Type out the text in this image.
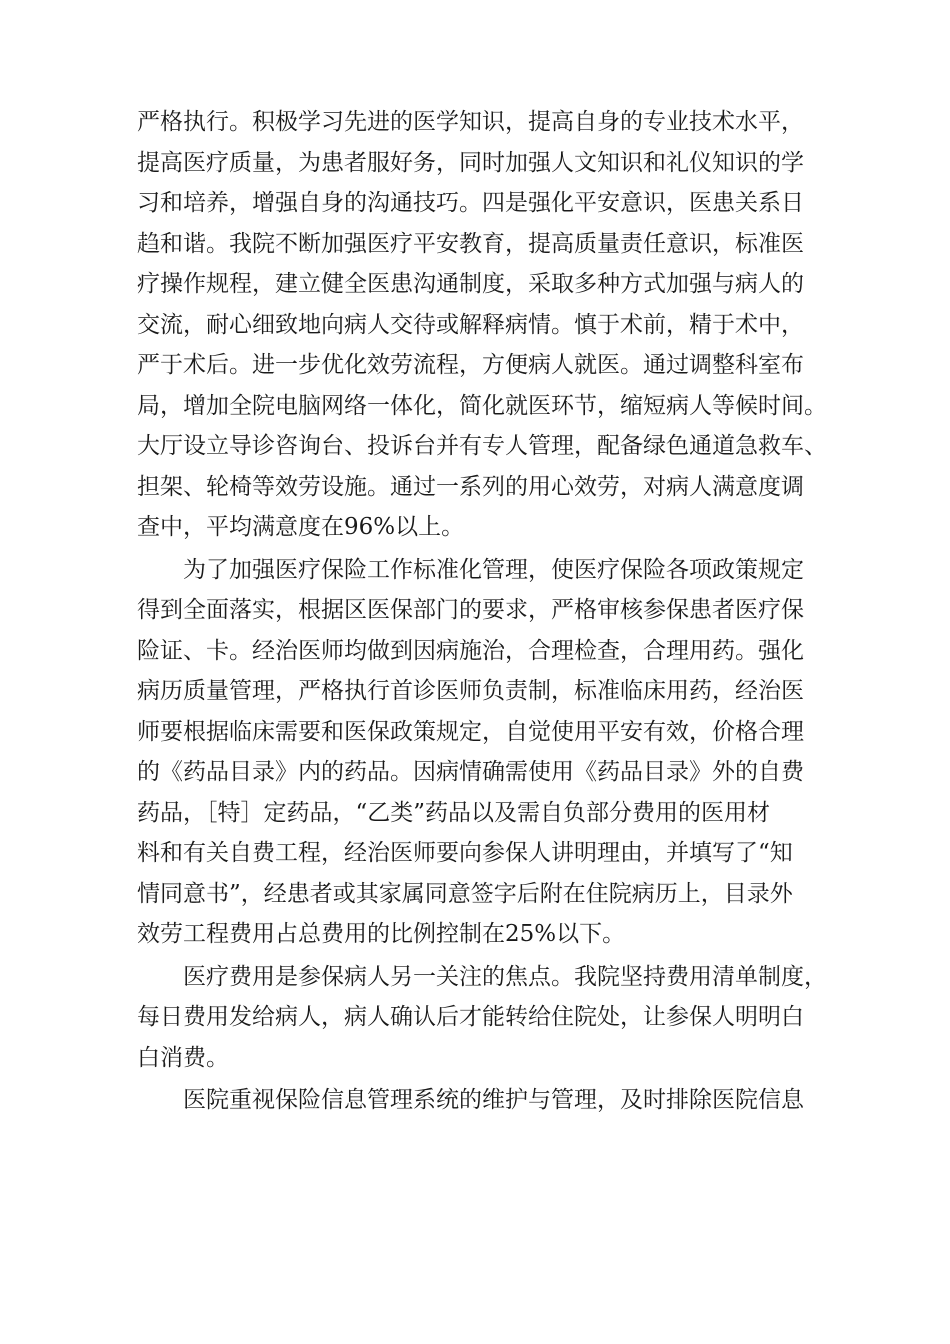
严格执行。积极学习先进的医学知识，提高自身的专业技术水平，
提高医疗质量，为患者服好务，同时加强人文知识和礼仪知识的学
习和培养，增强自身的沟通技巧。四是强化平安意识，医患关系日
趋和谐。我院不断加强医疗平安教育，提高质量责任意识，标准医
疗操作规程，建立健全医患沟通制度，采取多种方式加强与病人的
交流，耐心细致地向病人交待或解释病情。慎于术前，精于术中，
严于术后。进一步优化效劳流程，方便病人就医。通过调整科室布
局，增加全院电脑网络一体化，简化就医环节，缩短病人等候时间。
大厅设立导诊咨询台、投诉台并有专人管理，配备绿色通道急救车、
担架、轮椅等效劳设施。通过一系列的用心效劳，对病人满意度调
查中，平均满意度在96%以上。
为了加强医疗保险工作标准化管理，使医疗保险各项政策规定
得到全面落实，根据区医保部门的要求，严格审核参保患者医疗保
险证、卡。经治医师均做到因病施治，合理检查，合理用药。强化
病历质量管理，严格执行首诊医师负责制，标准临床用药，经治医
师要根据临床需要和医保政策规定，自觉使用平安有效，价格合理
的《药品目录》内的药品。因病情确需使用《药品目录》外的自费
药品，［特］定药品，“乙类”药品以及需自负部分费用的医用材
料和有关自费工程，经治医师要向参保人讲明理由，并填写了“知
情同意书”，经患者或其家属同意签字后附在住院病历上，目录外
效劳工程费用占总费用的比例控制在25%以下。
医疗费用是参保病人另一关注的焦点。我院坚持费用清单制度，
每日费用发给病人，病人确认后才能转给住院处，让参保人明明白
白消费。
医院重视保险信息管理系统的维护与管理，及时排除医院信息
